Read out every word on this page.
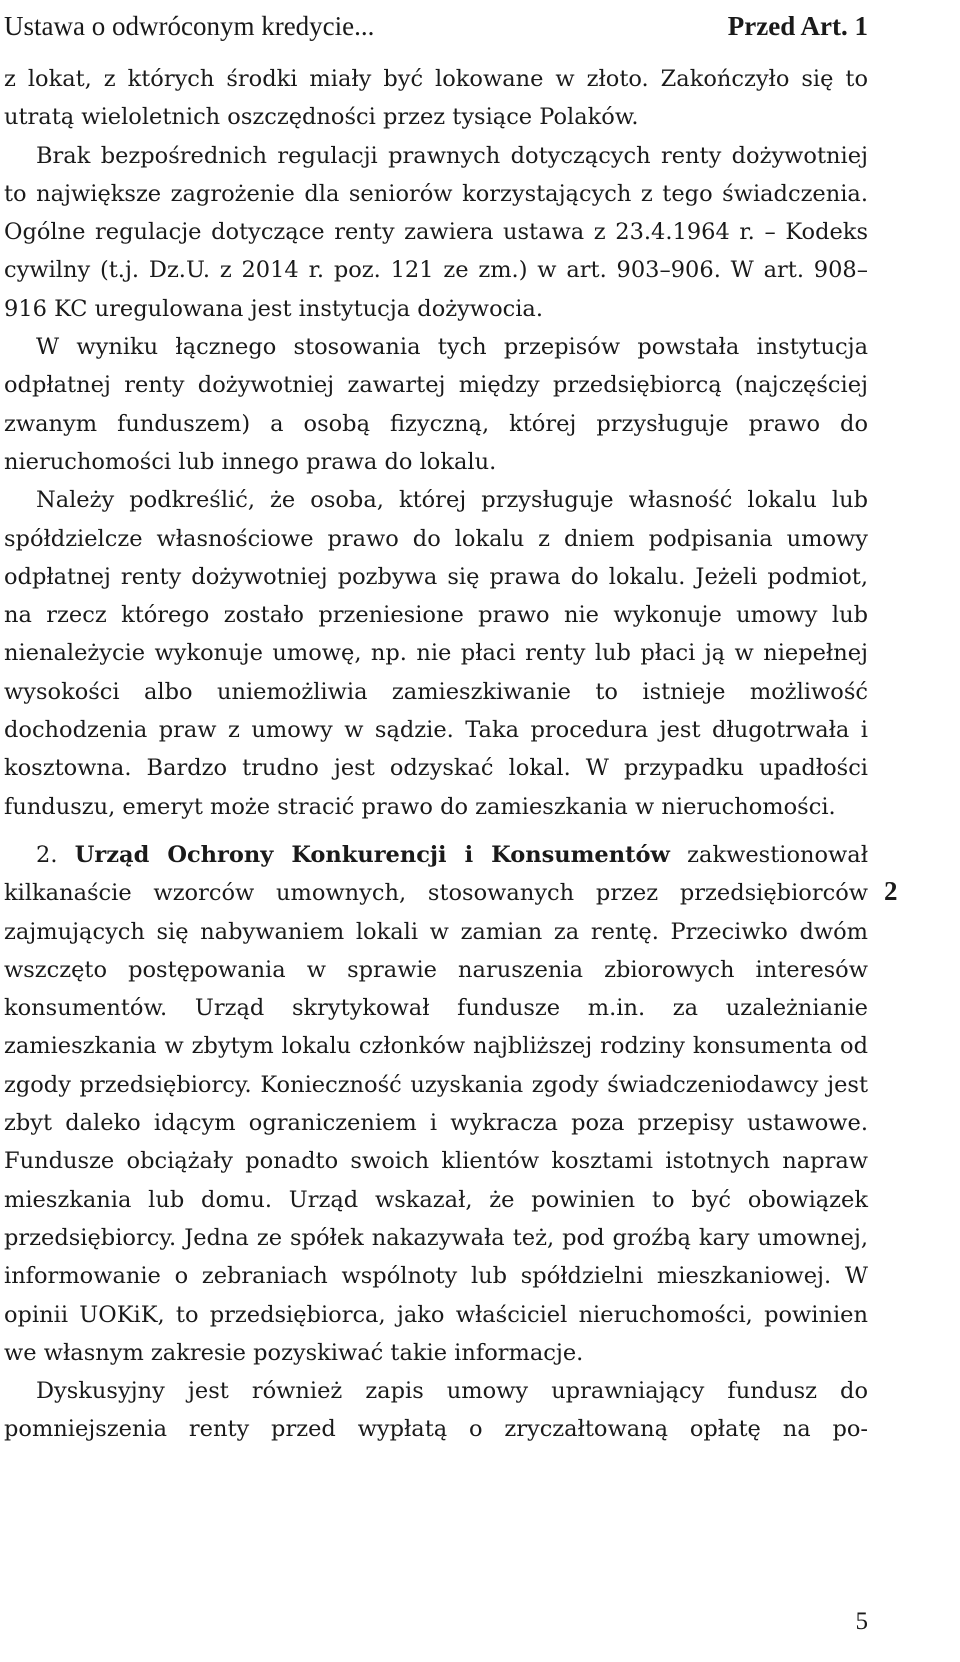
Ustawa o odwróconym kredycie...	Przed Art. 1

z lokat, z których środki miały być lokowane w złoto. Zakończyło się to utratą wieloletnich oszczędności przez tysiące Polaków.

Brak bezpośrednich regulacji prawnych dotyczących renty dożywotniej to największe zagrożenie dla seniorów korzystających z tego świadczenia. Ogólne regulacje dotyczące renty zawiera ustawa z 23.4.1964 r. – Kodeks cywilny (t.j. Dz.U. z 2014 r. poz. 121 ze zm.) w art. 903–906. W art. 908–916 KC uregulowana jest instytucja dożywocia.

W wyniku łącznego stosowania tych przepisów powstała instytucja odpłatnej renty dożywotniej zawartej między przedsiębiorcą (najczęściej zwanym funduszem) a osobą fizyczną, której przysługuje prawo do nieruchomości lub innego prawa do lokalu.

Należy podkreślić, że osoba, której przysługuje własność lokalu lub spółdzielcze własnościowe prawo do lokalu z dniem podpisania umowy odpłatnej renty dożywotniej pozbywa się prawa do lokalu. Jeżeli podmiot, na rzecz którego zostało przeniesione prawo nie wykonuje umowy lub nienależycie wykonuje umowę, np. nie płaci renty lub płaci ją w niepełnej wysokości albo uniemożliwia zamieszkiwanie to istnieje możliwość dochodzenia praw z umowy w sądzie. Taka procedura jest długotrwała i kosztowna. Bardzo trudno jest odzyskać lokal. W przypadku upadłości funduszu, emeryt może stracić prawo do zamieszkania w nieruchomości.

2. Urząd Ochrony Konkurencji i Konsumentów zakwestionował kilkanaście wzorców umownych, stosowanych przez przedsiębiorców zajmujących się nabywaniem lokali w zamian za rentę. Przeciwko dwóm wszczęto postępowania w sprawie naruszenia zbiorowych interesów konsumentów. Urząd skrytykował fundusze m.in. za uzależnianie zamieszkania w zbytym lokalu członków najbliższej rodziny konsumenta od zgody przedsiębiorcy. Konieczność uzyskania zgody świadczeniodawcy jest zbyt daleko idącym ograniczeniem i wykracza poza przepisy ustawowe. Fundusze obciążały ponadto swoich klientów kosztami istotnych napraw mieszkania lub domu. Urząd wskazał, że powinien to być obowiązek przedsiębiorcy. Jedna ze spółek nakazywała też, pod groźbą kary umownej, informowanie o zebraniach wspólnoty lub spółdzielni mieszkaniowej. W opinii UOKiK, to przedsiębiorca, jako właściciel nieruchomości, powinien we własnym zakresie pozyskiwać takie informacje.

Dyskusyjny jest również zapis umowy uprawniający fundusz do pomniejszenia renty przed wypłatą o zryczałtowaną opłatę na po-

2
5
